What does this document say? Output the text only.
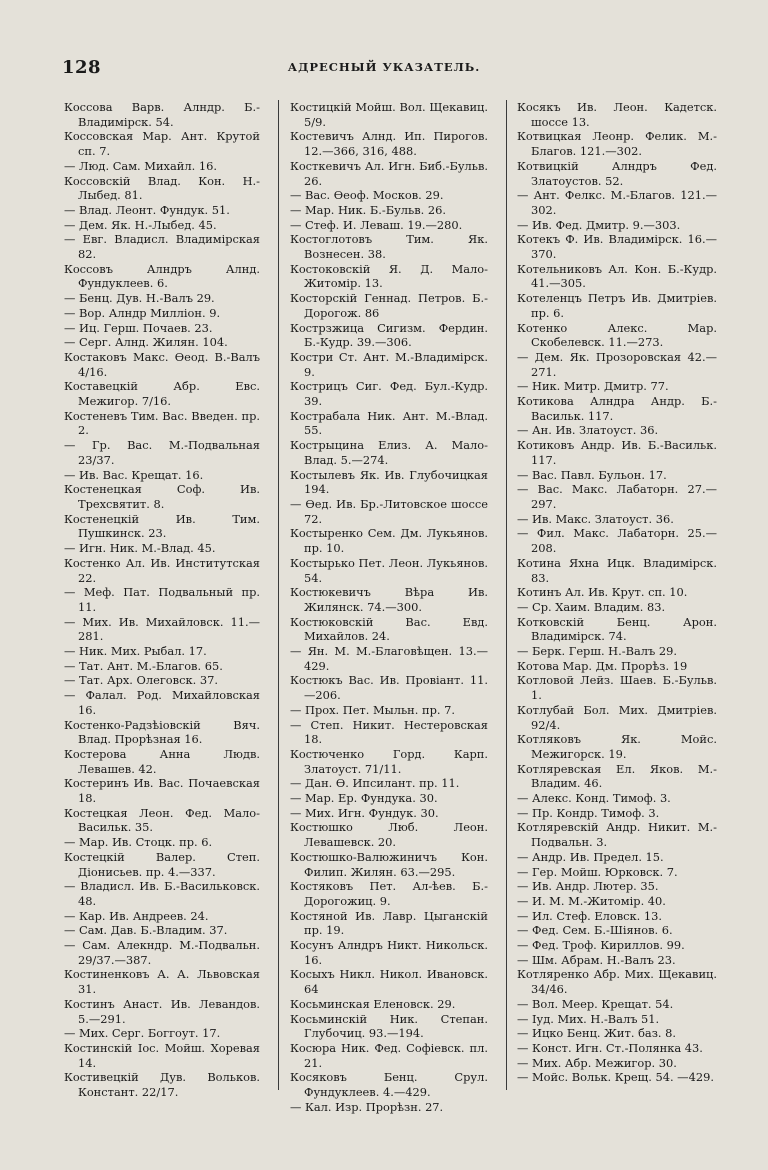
128	АДРЕСНЫЙ УКАЗАТЕЛЬ.

Коссова Варв. Алндр. Б.-Владимірск. 54.

Коссовская Мар. Ант. Крутой сп. 7.

— Люд. Сам. Михайл. 16.

Коссовскій Влад. Кон. Н.-Лыбед. 81.

— Влад. Леонт. Фундук. 51.

— Дем. Як. Н.-Лыбед. 45.

— Евг. Владисл. Владимірская 82.

Коссовъ Алндръ Алнд. Фундуклеев. 6.

— Бенц. Дув. Н.-Валъ 29.

— Вор. Алндр Милліон. 9.

— Иц. Герш. Почаев. 23.

— Серг. Алнд. Жилян. 104.

Костаковъ Макс. Өеод. В.-Валъ 4/16.

Коставецкій Абр. Евс. Межигор. 7/16.

Костеневъ Тим. Вас. Введен. пр. 2.

— Гр. Вас. М.-Подвальная 23/37.

— Ив. Вас. Крещат. 16.

Костенецкая Соф. Ив. Трехсвятит. 8.

Костенецкій Ив. Тим. Пушкинск. 23.

— Игн. Ник. М.-Влад. 45.

Костенко Ал. Ив. Институтская 22.

— Меф. Пат. Подвальный пр. 11.

— Мих. Ив. Михайловск. 11.—281.

— Ник. Мих. Рыбал. 17.

— Тат. Ант. М.-Благов. 65.

— Тат. Арх. Олеговск. 37.

— Фалал. Род. Михайловская 16.

Костенко-Радзѣіовскій Вяч. Влад. Прорѣзная 16.

Костерова Анна Людв. Левашев. 42.

Костеринъ Ив. Вас. Почаевская 18.

Костецкая Леон. Фед. Мало-Васильк. 35.

— Мар. Ив. Стоцк. пр. 6.

Костецкій Валер. Степ. Діонисьев. пр. 4.—337.

— Владисл. Ив. Б.-Васильковск. 48.

— Кар. Ив. Андреев. 24.

— Сам. Дав. Б.-Владим. 37.

— Сам. Алекндр. М.-Подвальн. 29/37.—387.

Костиненковъ А. А. Львовская 31.

Костинъ Анаст. Ив. Левандов. 5.—291.

— Мих. Серг. Боггоут. 17.

Костинскій Іос. Мойш. Хоревая 14.

Костивецкій Дув. Вольков. Констант. 22/17.

Костицкій Мойш. Вол. Щекавиц. 5/9.

Костевичъ Алнд. Ип. Пирогов. 12.—366, 316, 488.

Косткевичъ Ал. Игн. Биб.-Бульв. 26.

— Вас. Өеоф. Москов. 29.

— Мар. Ник. Б.-Бульв. 26.

— Стеф. И. Леваш. 19.—280.

Костоглотовъ Тим. Як. Вознесен. 38.

Костоковскій Я. Д. Мало-Житомір. 13.

Косторскій Геннад. Петров. Б.-Дорогож. 86

Кострзжица Сигизм. Фердин. Б.-Кудр. 39.—306.

Костри Ст. Ант. М.-Владимірск. 9.

Кострицъ Сиг. Фед. Бул.-Кудр. 39.

Кострабала Ник. Ант. М.-Влад. 55.

Кострыцина Елиз. А. Мало-Влад. 5.—274.

Костылевъ Як. Ив. Глубочицкая 194.

— Өед. Ив. Бр.-Литовское шоссе 72.

Костыренко Сем. Дм. Лукьянов. пр. 10.

Костырько Пет. Леон. Лукьянов. 54.

Костюкевичъ Вѣра Ив. Жилянск. 74.—300.

Костюковскій Вас. Евд. Михайлов. 24.

— Ян. М. М.-Благовѣщен. 13.—429.

Костюкъ Вас. Ив. Провіант. 11.—206.

— Прох. Пет. Мыльн. пр. 7.

— Степ. Никит. Нестеровская 18.

Костюченко Горд. Карп. Златоуст. 71/11.

— Дан. Ө. Ипсилант. пр. 11.

— Мар. Ер. Фундука. 30.

— Мих. Игн. Фундук. 30.

Костюшко Люб. Леон. Левашевск. 20.

Костюшко-Валюжиничъ Кон. Филип. Жилян. 63.—295.

Костяковъ Пет. Ал-ѣев. Б.-Дорогожиц. 9.

Костяной Ив. Лавр. Цыганскій пр. 19.

Косунъ Алндръ Никт. Никольск. 16.

Косыхъ Никл. Никол. Ивановск. 64

Косьминская Еленовск. 29.

Косьминскій Ник. Степан. Глубочиц. 93.—194.

Косюра Ник. Фед. Софіевск. пл. 21.

Косяковъ Бенц. Срул. Фундуклеев. 4.—429.

— Кал. Изр. Прорѣзн. 27.

Косякъ Ив. Леон. Кадетск. шоссе 13.

Котвицкая Леонр. Фелик. М.-Благов. 121.—302.

Котвицкій Алндръ Фед. Златоустов. 52.

— Ант. Фелкс. М.-Благов. 121.—302.

— Ив. Фед. Дмитр. 9.—303.

Котекъ Ф. Ив. Владимірск. 16.—370.

Котельниковъ Ал. Кон. Б.-Кудр. 41.—305.

Котеленцъ Петръ Ив. Дмитріев. пр. 6.

Котенко Алекс. Мар. Скобелевск. 11.—273.

— Дем. Як. Прозоровская 42.—271.

— Ник. Митр. Дмитр. 77.

Котикова Алндра Андр. Б.-Васильк. 117.

— Ан. Ив. Златоуст. 36.

Котиковъ Андр. Ив. Б.-Васильк. 117.

— Вас. Павл. Бульон. 17.

— Вас. Макс. Лабаторн. 27.—297.

— Ив. Макс. Златоуст. 36.

— Фил. Макс. Лабаторн. 25.—208.

Котина Яхна Ицк. Владимірск. 83.

Котинъ Ал. Ив. Крут. сп. 10.

— Ср. Хаим. Владим. 83.

Котковскій Бенц. Арон. Владимірск. 74.

— Берк. Герш. Н.-Валъ 29.

Котова Мар. Дм. Прорѣз. 19

Котловой Лейз. Шаев. Б.-Бульв. 1.

Котлубай Бол. Мих. Дмитріев. 92/4.

Котляковъ Як. Мойс. Межигорск. 19.

Котляревская Ел. Яков. М.-Владим. 46.

— Алекс. Конд. Тимоф. 3.

— Пр. Кондр. Тимоф. 3.

Котляревскій Андр. Никит. М.-Подвальн. 3.

— Андр. Ив. Предел. 15.

— Гер. Мойш. Юрковск. 7.

— Ив. Андр. Лютер. 35.

— И. М. М.-Житомір. 40.

— Ил. Стеф. Еловск. 13.

— Фед. Сем. Б.-Шіянов. 6.

— Фед. Троф. Кириллов. 99.

— Шм. Абрам. Н.-Валъ 23.

Котляренко Абр. Мих. Щекавиц. 34/46.

— Вол. Меер. Крещат. 54.

— Іуд. Мих. Н.-Валъ 51.

— Ицко Бенц. Жит. баз. 8.

— Конст. Игн. Ст.-Полянка 43.

— Мих. Абр. Межигор. 30.

— Мойс. Вольк. Крещ. 54. —429.
